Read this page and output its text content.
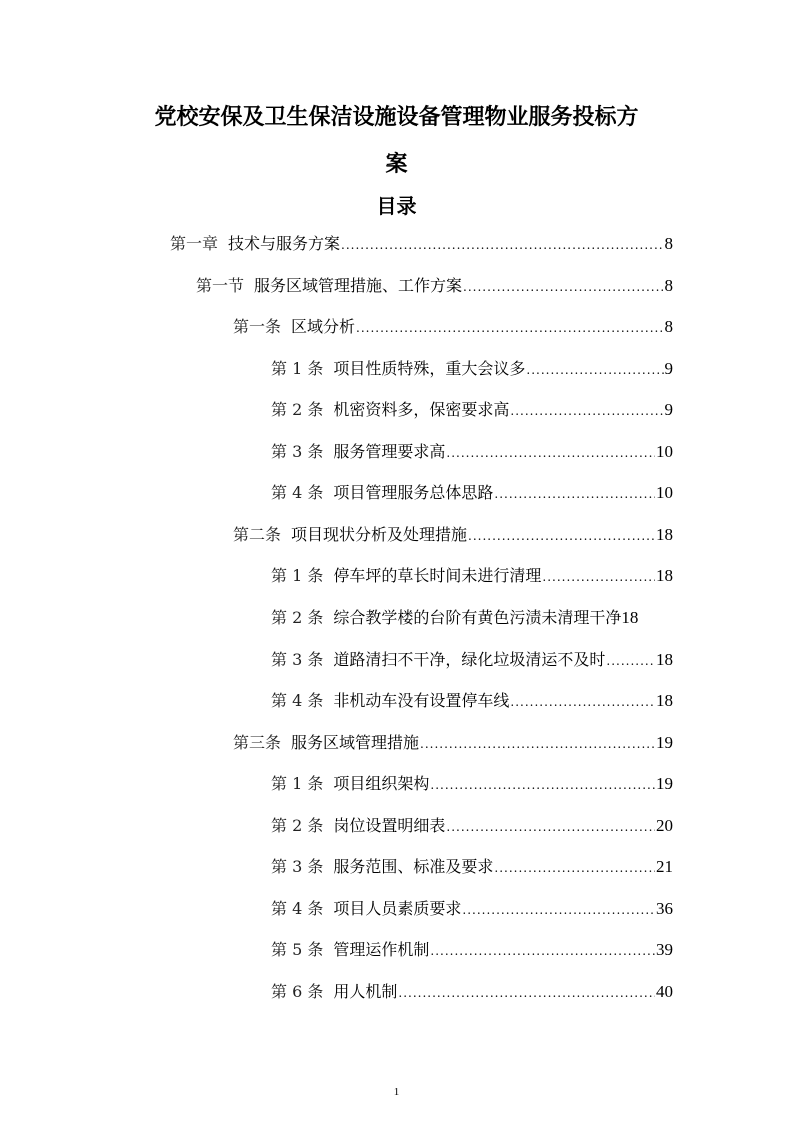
党校安保及卫生保洁设施设备管理物业服务投标方
案
目录
第一章 技术与服务方案 .....	8
第一节 服务区域管理措施、工作方案 .....	8
第一条 区域分析 .....	8
第 1 条 项目性质特殊，重大会议多 .....	9
第 2 条 机密资料多，保密要求高 .....	9
第 3 条 服务管理要求高 .....	10
第 4 条 项目管理服务总体思路 .....	10
第二条 项目现状分析及处理措施 .....	18
第 1 条 停车坪的草长时间未进行清理 .....	18
第 2 条 综合教学楼的台阶有黄色污渍未清理干净 18
第 3 条 道路清扫不干净，绿化垃圾清运不及时 .....	18
第 4 条 非机动车没有设置停车线 .....	18
第三条 服务区域管理措施 .....	19
第 1 条 项目组织架构 .....	19
第 2 条 岗位设置明细表 .....	20
第 3 条 服务范围、标准及要求 .....	21
第 4 条 项目人员素质要求 .....	36
第 5 条 管理运作机制 .....	39
第 6 条 用人机制 .....	40
1
